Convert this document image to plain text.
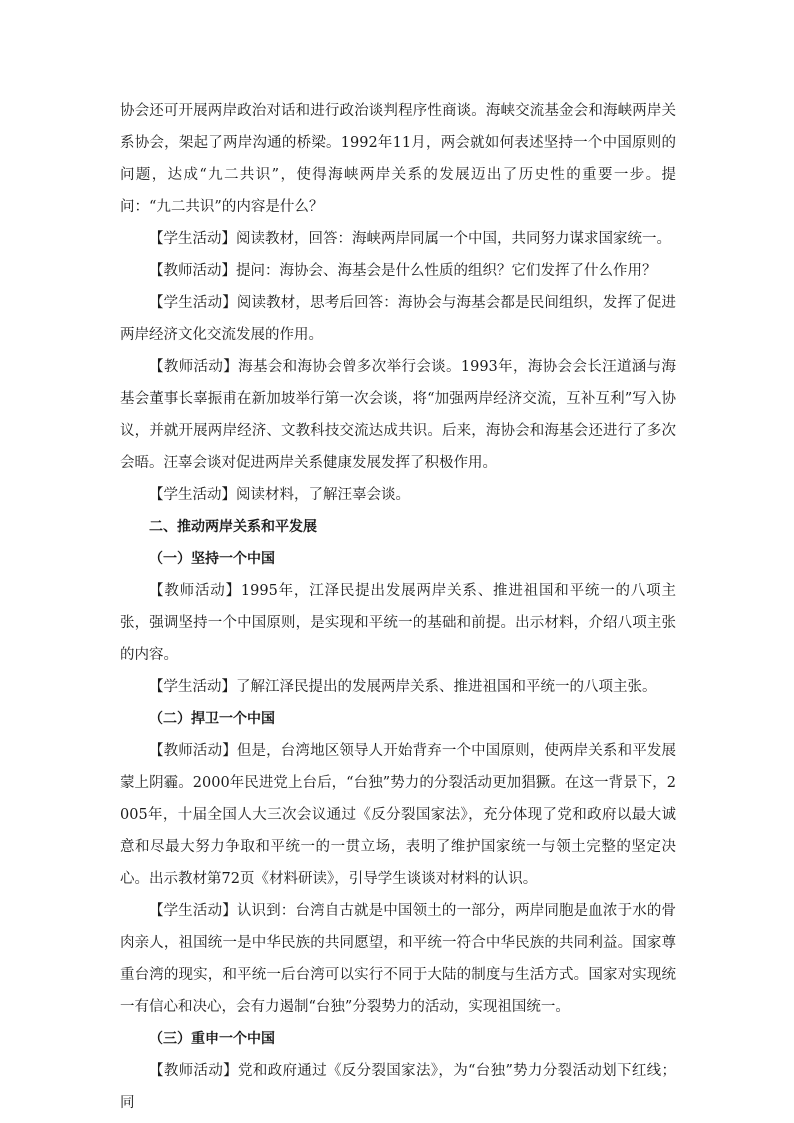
协会还可开展两岸政治对话和进行政治谈判程序性商谈。海峡交流基金会和海峡两岸关系协会，架起了两岸沟通的桥梁。1992年11月，两会就如何表述坚持一个中国原则的问题，达成“九二共识”，使得海峡两岸关系的发展迈出了历史性的重要一步。提问：“九二共识”的内容是什么？

【学生活动】阅读教材，回答：海峡两岸同属一个中国，共同努力谋求国家统一。

【教师活动】提问：海协会、海基会是什么性质的组织？它们发挥了什么作用？

【学生活动】阅读教材，思考后回答：海协会与海基会都是民间组织，发挥了促进两岸经济文化交流发展的作用。

【教师活动】海基会和海协会曾多次举行会谈。1993年，海协会会长汪道涵与海基会董事长辜振甫在新加坡举行第一次会谈，将“加强两岸经济交流，互补互利”写入协议，并就开展两岸经济、文教科技交流达成共识。后来，海协会和海基会还进行了多次会晤。汪辜会谈对促进两岸关系健康发展发挥了积极作用。

【学生活动】阅读材料，了解汪辜会谈。

二、推动两岸关系和平发展

（一）坚持一个中国

【教师活动】1995年，江泽民提出发展两岸关系、推进祖国和平统一的八项主张，强调坚持一个中国原则，是实现和平统一的基础和前提。出示材料，介绍八项主张的内容。

【学生活动】了解江泽民提出的发展两岸关系、推进祖国和平统一的八项主张。

（二）捍卫一个中国

【教师活动】但是，台湾地区领导人开始背弃一个中国原则，使两岸关系和平发展蒙上阴霾。2000年民进党上台后，“台独”势力的分裂活动更加猖獗。在这一背景下，2005年，十届全国人大三次会议通过《反分裂国家法》，充分体现了党和政府以最大诚意和尽最大努力争取和平统一的一贯立场，表明了维护国家统一与领土完整的坚定决心。出示教材第72页《材料研读》，引导学生谈谈对材料的认识。

【学生活动】认识到：台湾自古就是中国领土的一部分，两岸同胞是血浓于水的骨肉亲人，祖国统一是中华民族的共同愿望，和平统一符合中华民族的共同利益。国家尊重台湾的现实，和平统一后台湾可以实行不同于大陆的制度与生活方式。国家对实现统一有信心和决心，会有力遏制“台独”分裂势力的活动，实现祖国统一。

（三）重申一个中国

【教师活动】党和政府通过《反分裂国家法》，为“台独”势力分裂活动划下红线；同
